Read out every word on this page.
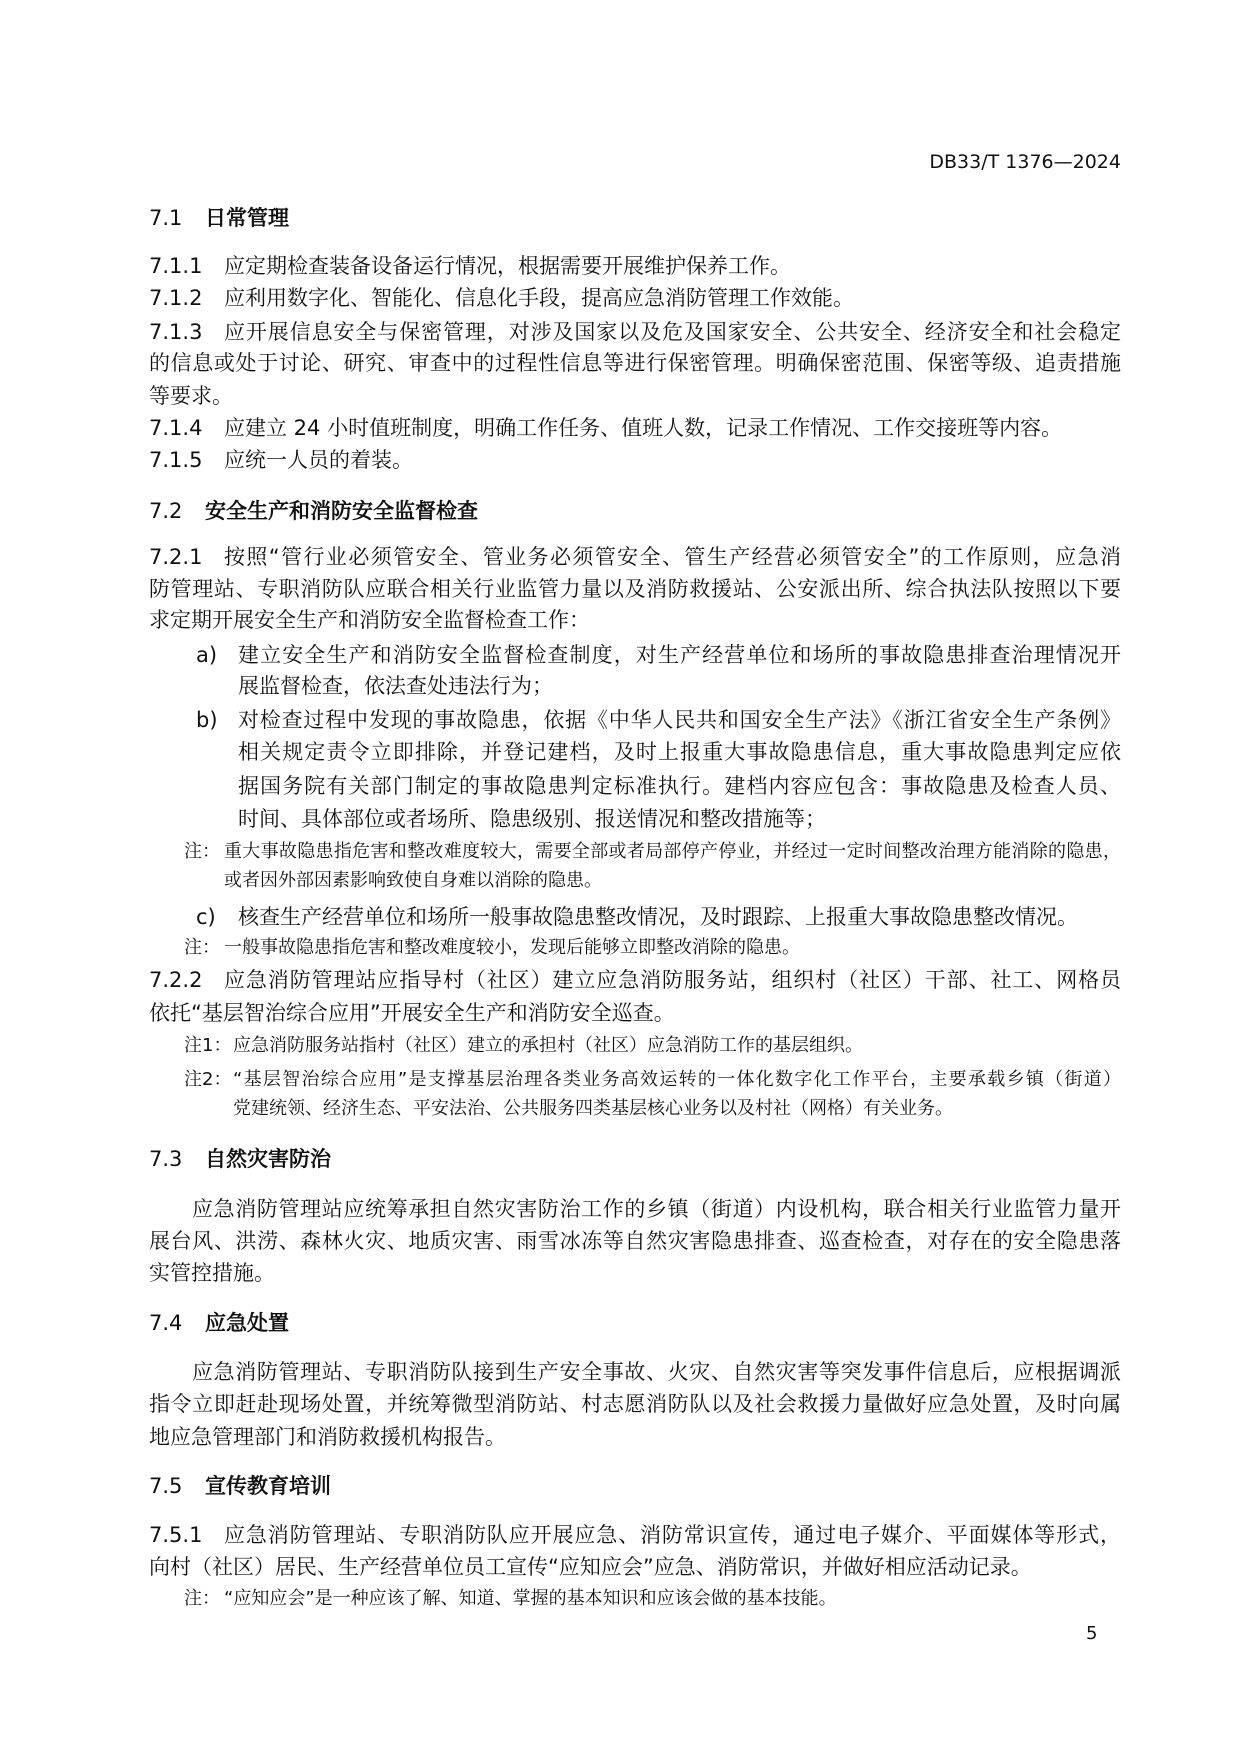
DB33/T 1376—2024
7.1	日常管理
7.1.1	应定期检查装备设备运行情况，根据需要开展维护保养工作。
7.1.2	应利用数字化、智能化、信息化手段，提高应急消防管理工作效能。
7.1.3	应开展信息安全与保密管理，对涉及国家以及危及国家安全、公共安全、经济安全和社会稳定
的信息或处于讨论、研究、审查中的过程性信息等进行保密管理。明确保密范围、保密等级、追责措施
等要求。
7.1.4	应建立 24 小时值班制度，明确工作任务、值班人数，记录工作情况、工作交接班等内容。
7.1.5	应统一人员的着装。
7.2	安全生产和消防安全监督检查
7.2.1	按照“管行业必须管安全、管业务必须管安全、管生产经营必须管安全”的工作原则，应急消
防管理站、专职消防队应联合相关行业监管力量以及消防救援站、公安派出所、综合执法队按照以下要
求定期开展安全生产和消防安全监督检查工作：
a) 建立安全生产和消防安全监督检查制度，对生产经营单位和场所的事故隐患排查治理情况开
展监督检查，依法查处违法行为；
b) 对检查过程中发现的事故隐患，依据《中华人民共和国安全生产法》《浙江省安全生产条例》
相关规定责令立即排除，并登记建档，及时上报重大事故隐患信息，重大事故隐患判定应依
据国务院有关部门制定的事故隐患判定标准执行。建档内容应包含：事故隐患及检查人员、
时间、具体部位或者场所、隐患级别、报送情况和整改措施等；
注： 重大事故隐患指危害和整改难度较大，需要全部或者局部停产停业，并经过一定时间整改治理方能消除的隐患，
或者因外部因素影响致使自身难以消除的隐患。
c)	核查生产经营单位和场所一般事故隐患整改情况，及时跟踪、上报重大事故隐患整改情况。
注： 一般事故隐患指危害和整改难度较小，发现后能够立即整改消除的隐患。
7.2.2	应急消防管理站应指导村（社区）建立应急消防服务站，组织村（社区）干部、社工、网格员
依托“基层智治综合应用”开展安全生产和消防安全巡查。
注1： 应急消防服务站指村（社区）建立的承担村（社区）应急消防工作的基层组织。
注2： “基层智治综合应用”是支撑基层治理各类业务高效运转的一体化数字化工作平台，主要承载乡镇（街道）
党建统领、经济生态、平安法治、公共服务四类基层核心业务以及村社（网格）有关业务。
7.3	自然灾害防治
应急消防管理站应统筹承担自然灾害防治工作的乡镇（街道）内设机构，联合相关行业监管力量开
展台风、洪涝、森林火灾、地质灾害、雨雪冰冻等自然灾害隐患排查、巡查检查，对存在的安全隐患落
实管控措施。
7.4	应急处置
应急消防管理站、专职消防队接到生产安全事故、火灾、自然灾害等突发事件信息后，应根据调派
指令立即赶赴现场处置，并统筹微型消防站、村志愿消防队以及社会救援力量做好应急处置，及时向属
地应急管理部门和消防救援机构报告。
7.5	宣传教育培训
7.5.1	应急消防管理站、专职消防队应开展应急、消防常识宣传，通过电子媒介、平面媒体等形式，
向村（社区）居民、生产经营单位员工宣传“应知应会”应急、消防常识，并做好相应活动记录。
注： “应知应会”是一种应该了解、知道、掌握的基本知识和应该会做的基本技能。
5
